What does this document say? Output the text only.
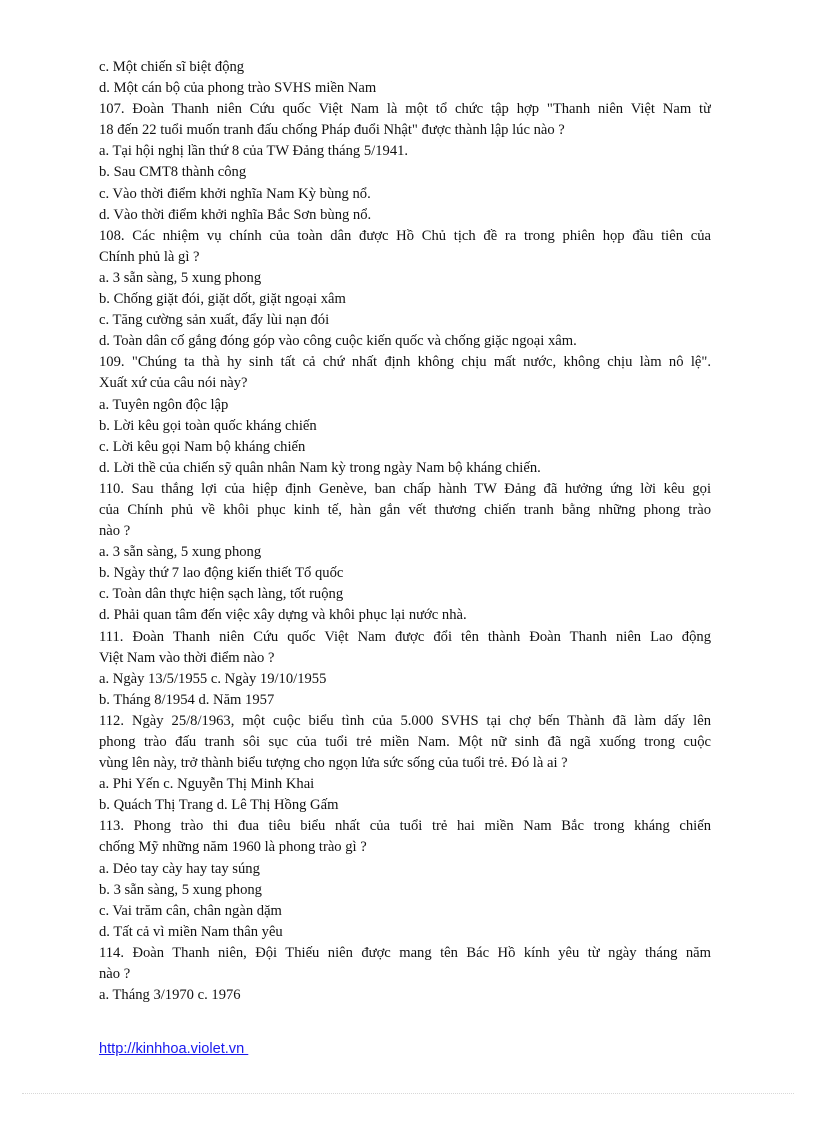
c. Một chiến sĩ biệt động
d. Một cán bộ của phong trào SVHS miền Nam
107. Đoàn Thanh niên Cứu quốc Việt Nam là một tổ chức tập hợp "Thanh niên Việt Nam từ
18 đến 22 tuổi muốn tranh đấu chống Pháp đuổi Nhật" được thành lập lúc nào ?
a. Tại hội nghị lần thứ 8 của TW Đảng tháng 5/1941.
b. Sau CMT8 thành công
c. Vào thời điểm khởi nghĩa Nam Kỳ bùng nổ.
d. Vào thời điểm khởi nghĩa Bắc Sơn bùng nổ.
108. Các nhiệm vụ chính của toàn dân được Hồ Chủ tịch đề ra trong phiên họp đầu tiên của
Chính phủ là gì ?
a. 3 sẵn sàng, 5 xung phong
b. Chống giặt đói, giặt dốt, giặt ngoại xâm
c. Tăng cường sản xuất, đẩy lùi nạn đói
d. Toàn dân cố gắng đóng góp vào công cuộc kiến quốc và chống giặc ngoại xâm.
109. "Chúng ta thà hy sinh tất cả chứ nhất định không chịu mất nước, không chịu làm nô lệ".
Xuất xứ của câu nói này?
a. Tuyên ngôn độc lập
b. Lời kêu gọi toàn quốc kháng chiến
c. Lời kêu gọi Nam bộ kháng chiến
d. Lời thề của chiến sỹ quân nhân Nam kỳ trong ngày Nam bộ kháng chiến.
110. Sau thắng lợi của hiệp định Genève, ban chấp hành TW Đảng đã hưởng ứng lời kêu gọi
của Chính phủ về khôi phục kinh tế, hàn gắn vết thương chiến tranh bằng những phong trào
nào ?
a. 3 sẵn sàng, 5 xung phong
b. Ngày thứ 7 lao động kiến thiết Tổ quốc
c. Toàn dân thực hiện sạch làng, tốt ruộng
d. Phải quan tâm đến việc xây dựng và khôi phục lại nước nhà.
111. Đoàn Thanh niên Cứu quốc Việt Nam được đổi tên thành Đoàn Thanh niên Lao động
Việt Nam vào thời điểm nào ?
a. Ngày 13/5/1955 c. Ngày 19/10/1955
b. Tháng 8/1954 d. Năm 1957
112. Ngày 25/8/1963, một cuộc biểu tình của 5.000 SVHS tại chợ bến Thành đã làm dấy lên
phong trào đấu tranh sôi sục của tuổi trẻ miền Nam. Một nữ sinh đã ngã xuống trong cuộc
vùng lên này, trở thành biểu tượng cho ngọn lửa sức sống của tuổi trẻ. Đó là ai ?
a. Phi Yến c. Nguyễn Thị Minh Khai
b. Quách Thị Trang d. Lê Thị Hồng Gấm
113. Phong trào thi đua tiêu biểu nhất của tuổi trẻ hai miền Nam Bắc trong kháng chiến
chống Mỹ những năm 1960 là phong trào gì ?
a. Dẻo tay cày hay tay súng
b. 3 sẵn sàng, 5 xung phong
c. Vai trăm cân, chân ngàn dặm
d. Tất cả vì miền Nam thân yêu
114. Đoàn Thanh niên, Đội Thiếu niên được mang tên Bác Hồ kính yêu từ ngày tháng năm
nào ?
a. Tháng 3/1970 c. 1976
http://kinhhoa.violet.vn
